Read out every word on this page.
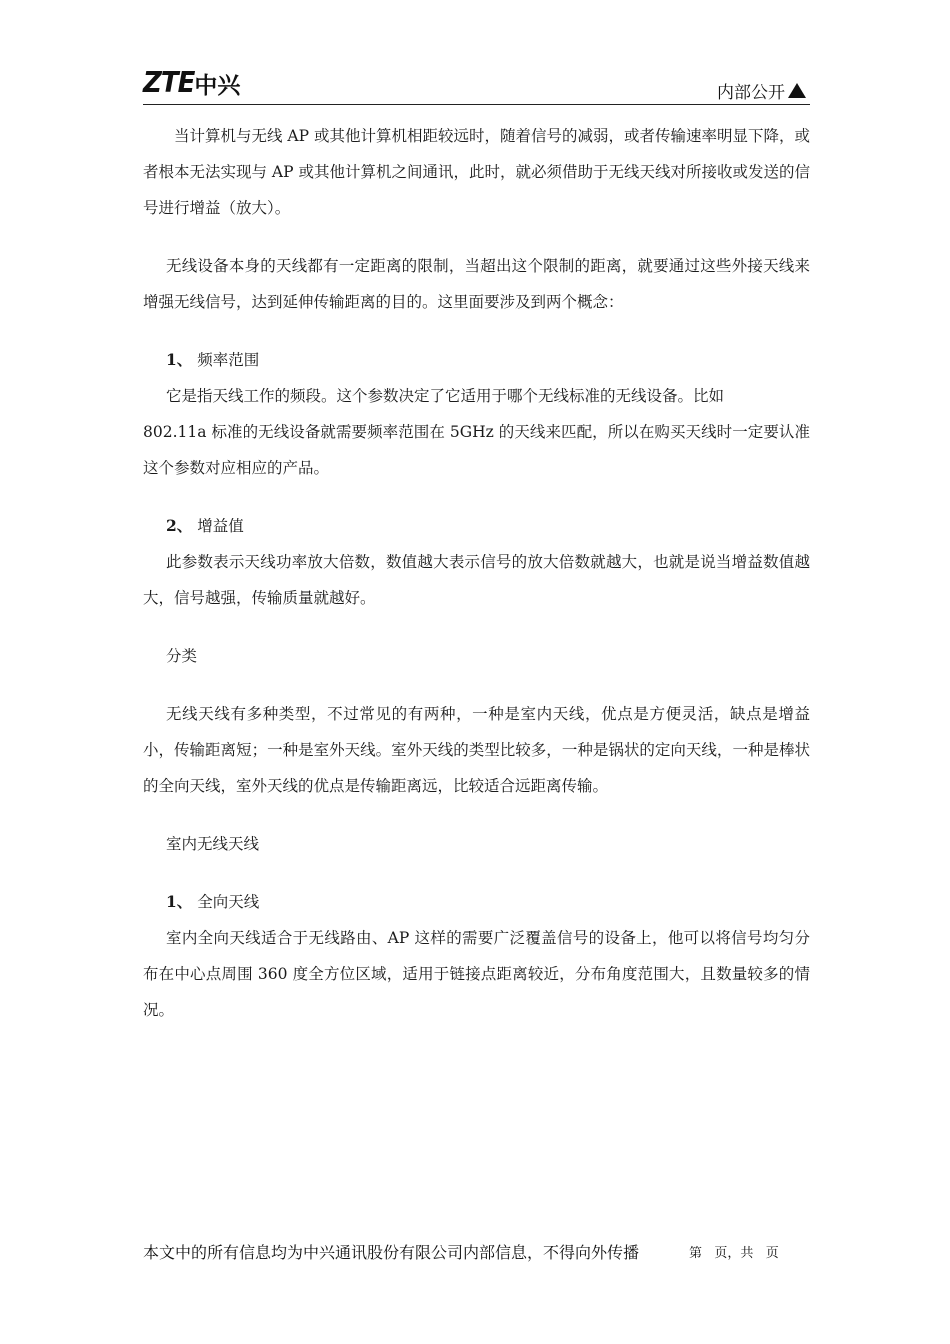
ZTE 中兴	内部公开

当计算机与无线 AP 或其他计算机相距较远时，随着信号的减弱，或者传输速率明显下降，或者根本无法实现与 AP 或其他计算机之间通讯，此时，就必须借助于无线天线对所接收或发送的信号进行增益（放大）。

无线设备本身的天线都有一定距离的限制，当超出这个限制的距离，就要通过这些外接天线来增强无线信号，达到延伸传输距离的目的。这里面要涉及到两个概念：

1、 频率范围

它是指天线工作的频段。这个参数决定了它适用于哪个无线标准的无线设备。比如

802.11a 标准的无线设备就需要频率范围在 5GHz 的天线来匹配，所以在购买天线时一定要认准这个参数对应相应的产品。

2、 增益值

此参数表示天线功率放大倍数，数值越大表示信号的放大倍数就越大，也就是说当增益数值越大，信号越强，传输质量就越好。

分类

无线天线有多种类型，不过常见的有两种，一种是室内天线，优点是方便灵活，缺点是增益小，传输距离短；一种是室外天线。室外天线的类型比较多，一种是锅状的定向天线，一种是棒状的全向天线，室外天线的优点是传输距离远，比较适合远距离传输。

室内无线天线

1、 全向天线

室内全向天线适合于无线路由、AP 这样的需要广泛覆盖信号的设备上，他可以将信号均匀分布在中心点周围 360 度全方位区域，适用于链接点距离较近，分布角度范围大，且数量较多的情况。

本文中的所有信息均为中兴通讯股份有限公司内部信息，不得向外传播	第   页，共   页
